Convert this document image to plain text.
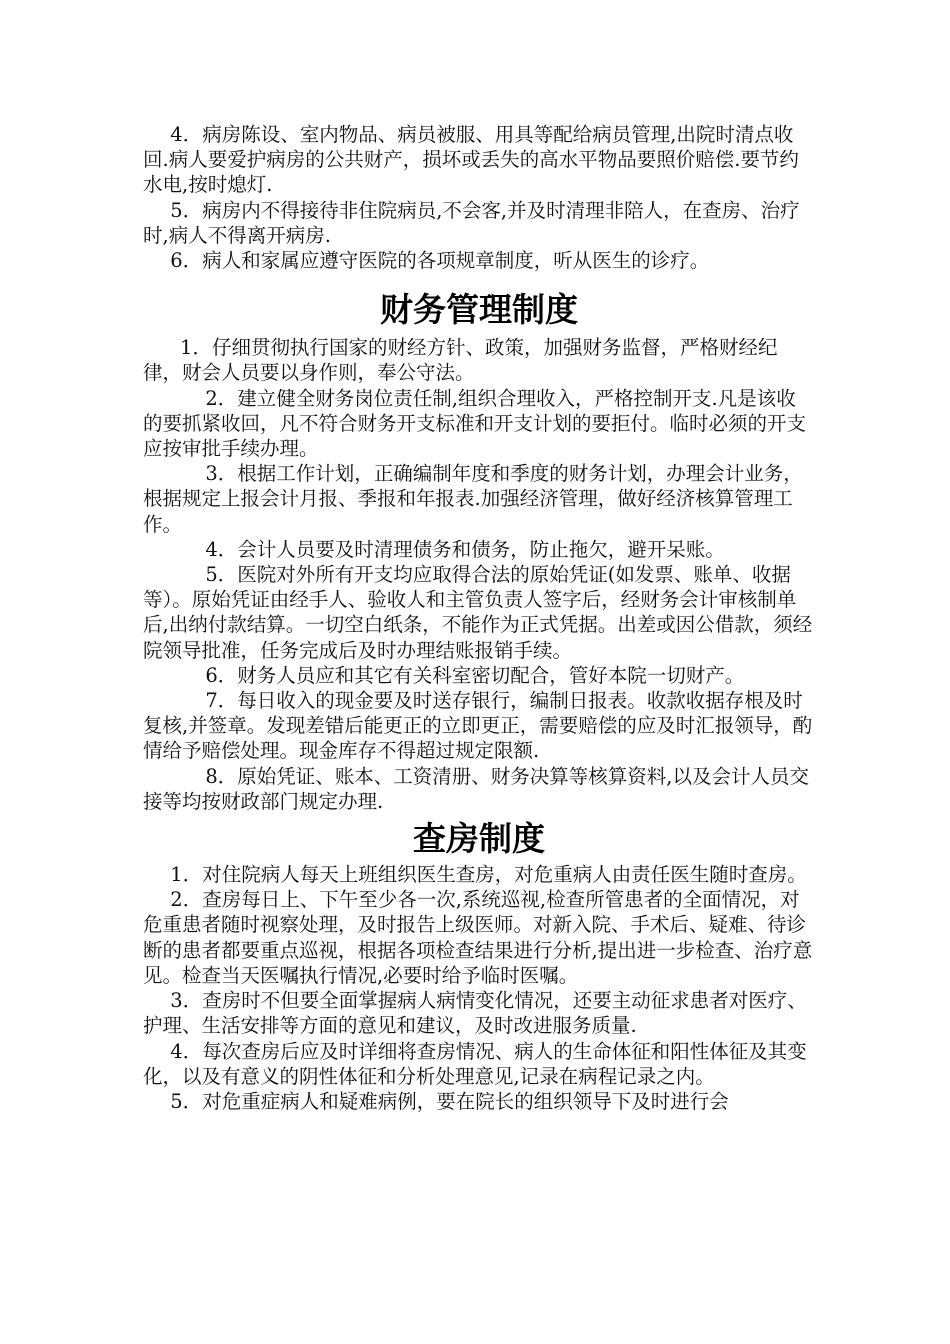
4．病房陈设、室内物品、病员被服、用具等配给病员管理,出院时清点收回.病人要爱护病房的公共财产，损坏或丢失的高水平物品要照价赔偿.要节约水电,按时熄灯.

5．病房内不得接待非住院病员,不会客,并及时清理非陪人，在查房、治疗时,病人不得离开病房.

6．病人和家属应遵守医院的各项规章制度，听从医生的诊疗。

财务管理制度

1．仔细贯彻执行国家的财经方针、政策，加强财务监督，严格财经纪律，财会人员要以身作则，奉公守法。

2．建立健全财务岗位责任制,组织合理收入，严格控制开支.凡是该收的要抓紧收回，凡不符合财务开支标准和开支计划的要拒付。临时必须的开支应按审批手续办理。

3．根据工作计划，正确编制年度和季度的财务计划，办理会计业务，根据规定上报会计月报、季报和年报表.加强经济管理，做好经济核算管理工作。

4．会计人员要及时清理债务和债务，防止拖欠，避开呆账。

5．医院对外所有开支均应取得合法的原始凭证(如发票、账单、收据等）。原始凭证由经手人、验收人和主管负责人签字后，经财务会计审核制单后,出纳付款结算。一切空白纸条，不能作为正式凭据。出差或因公借款，须经院领导批准，任务完成后及时办理结账报销手续。

6．财务人员应和其它有关科室密切配合，管好本院一切财产。

7．每日收入的现金要及时送存银行，编制日报表。收款收据存根及时复核,并签章。发现差错后能更正的立即更正，需要赔偿的应及时汇报领导，酌情给予赔偿处理。现金库存不得超过规定限额.

8．原始凭证、账本、工资清册、财务决算等核算资料,以及会计人员交接等均按财政部门规定办理.

查房制度

1．对住院病人每天上班组织医生查房，对危重病人由责任医生随时查房。

2．查房每日上、下午至少各一次,系统巡视,检查所管患者的全面情况，对危重患者随时视察处理，及时报告上级医师。对新入院、手术后、疑难、待诊断的患者都要重点巡视，根据各项检查结果进行分析,提出进一步检查、治疗意见。检查当天医嘱执行情况,必要时给予临时医嘱。

3．查房时不但要全面掌握病人病情变化情况，还要主动征求患者对医疗、护理、生活安排等方面的意见和建议，及时改进服务质量.

4．每次查房后应及时详细将查房情况、病人的生命体征和阳性体征及其变化，以及有意义的阴性体征和分析处理意见,记录在病程记录之内。

5．对危重症病人和疑难病例，要在院长的组织领导下及时进行会
